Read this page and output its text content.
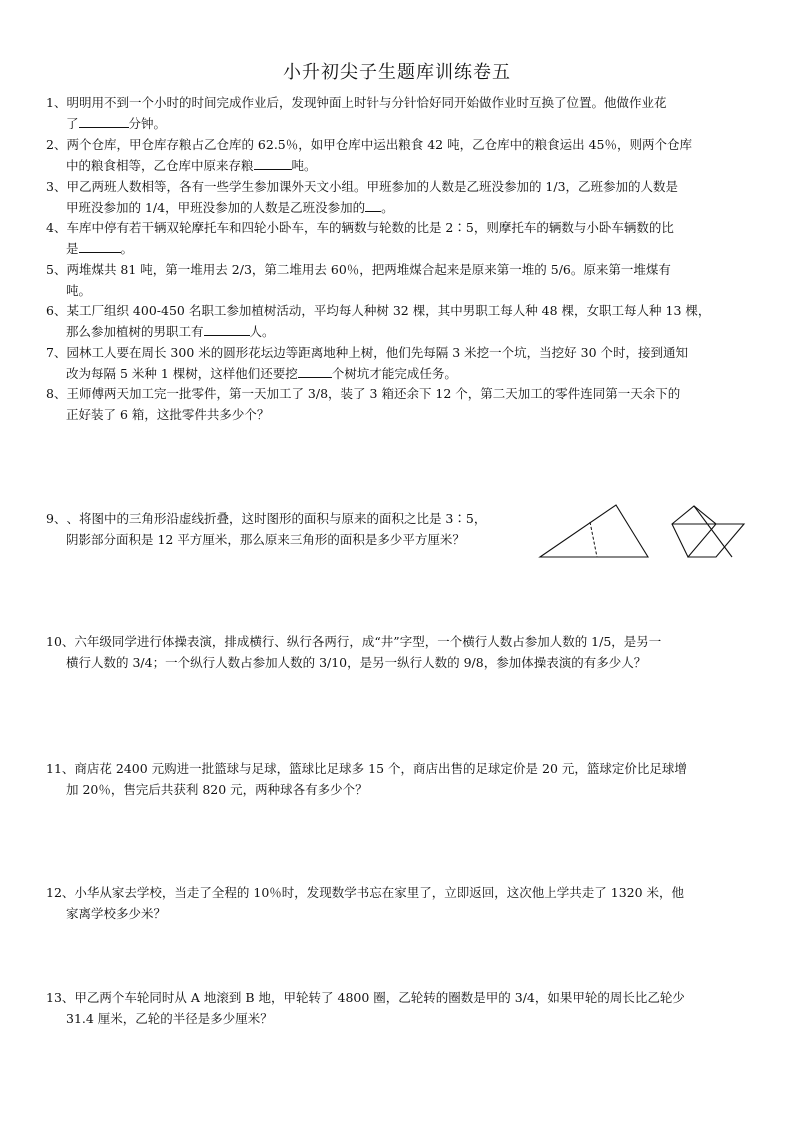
小升初尖子生题库训练卷五
1、明明用不到一个小时的时间完成作业后，发现钟面上时针与分针恰好同开始做作业时互换了位置。他做作业花
了	分钟。
2、两个仓库，甲仓库存粮占乙仓库的 62.5％，如甲仓库中运出粮食 42 吨，乙仓库中的粮食运出 45％，则两个仓库
中的粮食相等，乙仓库中原来存粮	吨。
3、甲乙两班人数相等，各有一些学生参加课外天文小组。甲班参加的人数是乙班没参加的 1/3，乙班参加的人数是
甲班没参加的 1/4，甲班没参加的人数是乙班没参加的 。
4、车库中停有若干辆双轮摩托车和四轮小卧车，车的辆数与轮数的比是 2∶5，则摩托车的辆数与小卧车辆数的比
是	。
5、两堆煤共 81 吨，第一堆用去 2/3，第二堆用去 60％，把两堆煤合起来是原来第一堆的 5/6。原来第一堆煤有
吨。
6、某工厂组织 400-450 名职工参加植树活动，平均每人种树 32 棵，其中男职工每人种 48 棵，女职工每人种 13 棵，
那么参加植树的男职工有	人。
7、园林工人要在周长 300 米的圆形花坛边等距离地种上树，他们先每隔 3 米挖一个坑，当挖好 30 个时，接到通知
改为每隔 5 米种 1 棵树，这样他们还要挖	个树坑才能完成任务。
8、王师傅两天加工完一批零件，第一天加工了 3/8，装了 3 箱还余下 12 个，第二天加工的零件连同第一天余下的
正好装了 6 箱，这批零件共多少个？
9、、将图中的三角形沿虚线折叠，这时图形的面积与原来的面积之比是 3∶5，
阴影部分面积是 12 平方厘米，那么原来三角形的面积是多少平方厘米？
10、六年级同学进行体操表演，排成横行、纵行各两行，成“井”字型，一个横行人数占参加人数的 1/5，是另一
横行人数的 3/4；一个纵行人数占参加人数的 3/10，是另一纵行人数的 9/8，参加体操表演的有多少人？
11、商店花 2400 元购进一批篮球与足球，篮球比足球多 15 个，商店出售的足球定价是 20 元，篮球定价比足球增
加 20％，售完后共获利 820 元，两种球各有多少个？
12、小华从家去学校，当走了全程的 10％时，发现数学书忘在家里了，立即返回，这次他上学共走了 1320 米，他
家离学校多少米？
13、甲乙两个车轮同时从 A 地滚到 B 地，甲轮转了 4800 圈，乙轮转的圈数是甲的 3/4，如果甲轮的周长比乙轮少
31.4 厘米，乙轮的半径是多少厘米？
